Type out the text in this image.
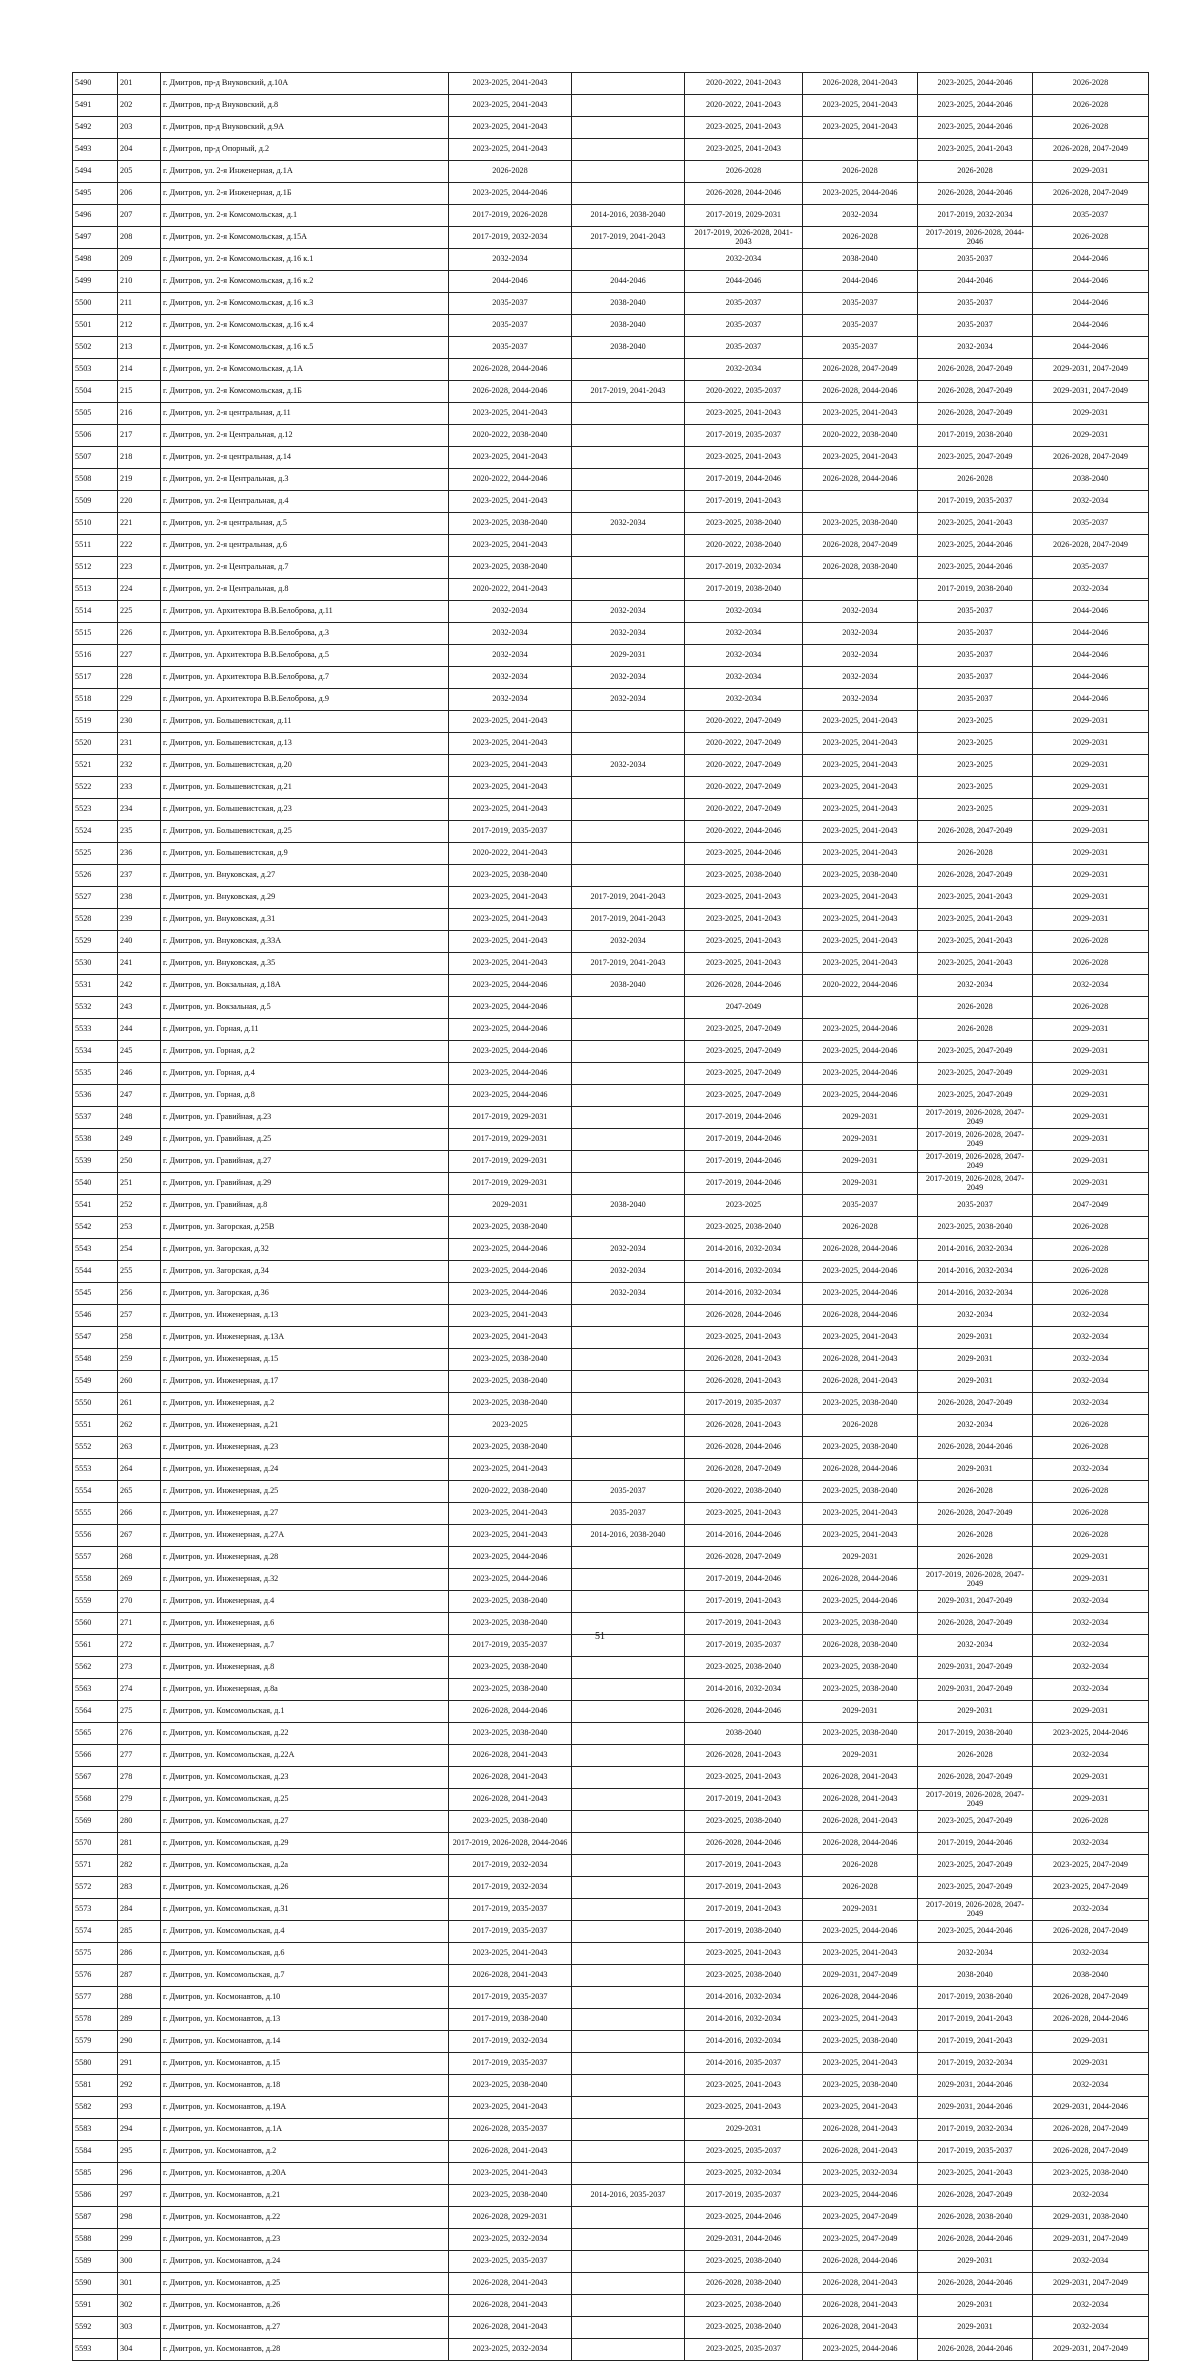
5490	201	г. Дмитров, пр-д Внуковский, д.10А	2023-2025, 2041-2043		2020-2022, 2041-2043	2026-2028, 2041-2043	2023-2025, 2044-2046	2026-2028
5491	202	г. Дмитров, пр-д Внуковский, д.8	2023-2025, 2041-2043		2020-2022, 2041-2043	2023-2025, 2041-2043	2023-2025, 2044-2046	2026-2028
5492	203	г. Дмитров, пр-д Внуковский, д.9А	2023-2025, 2041-2043		2023-2025, 2041-2043	2023-2025, 2041-2043	2023-2025, 2044-2046	2026-2028
5493	204	г. Дмитров, пр-д Опорный, д.2	2023-2025, 2041-2043		2023-2025, 2041-2043		2023-2025, 2041-2043	2026-2028, 2047-2049
5494	205	г. Дмитров, ул. 2-я Инженерная, д.1А	2026-2028		2026-2028	2026-2028	2026-2028	2029-2031
5495	206	г. Дмитров, ул. 2-я Инженерная, д.1Б	2023-2025, 2044-2046		2026-2028, 2044-2046	2023-2025, 2044-2046	2026-2028, 2044-2046	2026-2028, 2047-2049
5496	207	г. Дмитров, ул. 2-я Комсомольская, д.1	2017-2019, 2026-2028	2014-2016, 2038-2040	2017-2019, 2029-2031	2032-2034	2017-2019, 2032-2034	2035-2037
5497	208	г. Дмитров, ул. 2-я Комсомольская, д.15А	2017-2019, 2032-2034	2017-2019, 2041-2043	2017-2019, 2026-2028, 2041-2043	2026-2028	2017-2019, 2026-2028, 2044-2046	2026-2028
5498	209	г. Дмитров, ул. 2-я Комсомольская, д.16 к.1	2032-2034		2032-2034	2038-2040	2035-2037	2044-2046
5499	210	г. Дмитров, ул. 2-я Комсомольская, д.16 к.2	2044-2046	2044-2046	2044-2046	2044-2046	2044-2046	2044-2046
5500	211	г. Дмитров, ул. 2-я Комсомольская, д.16 к.3	2035-2037	2038-2040	2035-2037	2035-2037	2035-2037	2044-2046
5501	212	г. Дмитров, ул. 2-я Комсомольская, д.16 к.4	2035-2037	2038-2040	2035-2037	2035-2037	2035-2037	2044-2046
5502	213	г. Дмитров, ул. 2-я Комсомольская, д.16 к.5	2035-2037	2038-2040	2035-2037	2035-2037	2032-2034	2044-2046
5503	214	г. Дмитров, ул. 2-я Комсомольская, д.1А	2026-2028, 2044-2046		2032-2034	2026-2028, 2047-2049	2026-2028, 2047-2049	2029-2031, 2047-2049
5504	215	г. Дмитров, ул. 2-я Комсомольская, д.1Б	2026-2028, 2044-2046	2017-2019, 2041-2043	2020-2022, 2035-2037	2026-2028, 2044-2046	2026-2028, 2047-2049	2029-2031, 2047-2049
5505	216	г. Дмитров, ул. 2-я центральная, д.11	2023-2025, 2041-2043		2023-2025, 2041-2043	2023-2025, 2041-2043	2026-2028, 2047-2049	2029-2031
5506	217	г. Дмитров, ул. 2-я Центральная, д.12	2020-2022, 2038-2040		2017-2019, 2035-2037	2020-2022, 2038-2040	2017-2019, 2038-2040	2029-2031
5507	218	г. Дмитров, ул. 2-я центральная, д.14	2023-2025, 2041-2043		2023-2025, 2041-2043	2023-2025, 2041-2043	2023-2025, 2047-2049	2026-2028, 2047-2049
5508	219	г. Дмитров, ул. 2-я Центральная, д.3	2020-2022, 2044-2046		2017-2019, 2044-2046	2026-2028, 2044-2046	2026-2028	2038-2040
5509	220	г. Дмитров, ул. 2-я Центральная, д.4	2023-2025, 2041-2043		2017-2019, 2041-2043		2017-2019, 2035-2037	2032-2034
5510	221	г. Дмитров, ул. 2-я центральная, д.5	2023-2025, 2038-2040	2032-2034	2023-2025, 2038-2040	2023-2025, 2038-2040	2023-2025, 2041-2043	2035-2037
5511	222	г. Дмитров, ул. 2-я центральная, д.6	2023-2025, 2041-2043		2020-2022, 2038-2040	2026-2028, 2047-2049	2023-2025, 2044-2046	2026-2028, 2047-2049
5512	223	г. Дмитров, ул. 2-я Центральная, д.7	2023-2025, 2038-2040		2017-2019, 2032-2034	2026-2028, 2038-2040	2023-2025, 2044-2046	2035-2037
5513	224	г. Дмитров, ул. 2-я Центральная, д.8	2020-2022, 2041-2043		2017-2019, 2038-2040		2017-2019, 2038-2040	2032-2034
5514	225	г. Дмитров, ул. Архитектора В.В.Белоброва, д.11	2032-2034	2032-2034	2032-2034	2032-2034	2035-2037	2044-2046
5515	226	г. Дмитров, ул. Архитектора В.В.Белоброва, д.3	2032-2034	2032-2034	2032-2034	2032-2034	2035-2037	2044-2046
5516	227	г. Дмитров, ул. Архитектора В.В.Белоброва, д.5	2032-2034	2029-2031	2032-2034	2032-2034	2035-2037	2044-2046
5517	228	г. Дмитров, ул. Архитектора В.В.Белоброва, д.7	2032-2034	2032-2034	2032-2034	2032-2034	2035-2037	2044-2046
5518	229	г. Дмитров, ул. Архитектора В.В.Белоброва, д.9	2032-2034	2032-2034	2032-2034	2032-2034	2035-2037	2044-2046
5519	230	г. Дмитров, ул. Большевистская, д.11	2023-2025, 2041-2043		2020-2022, 2047-2049	2023-2025, 2041-2043	2023-2025	2029-2031
5520	231	г. Дмитров, ул. Большевистская, д.13	2023-2025, 2041-2043		2020-2022, 2047-2049	2023-2025, 2041-2043	2023-2025	2029-2031
5521	232	г. Дмитров, ул. Большевистская, д.20	2023-2025, 2041-2043	2032-2034	2020-2022, 2047-2049	2023-2025, 2041-2043	2023-2025	2029-2031
5522	233	г. Дмитров, ул. Большевистская, д.21	2023-2025, 2041-2043		2020-2022, 2047-2049	2023-2025, 2041-2043	2023-2025	2029-2031
5523	234	г. Дмитров, ул. Большевистская, д.23	2023-2025, 2041-2043		2020-2022, 2047-2049	2023-2025, 2041-2043	2023-2025	2029-2031
5524	235	г. Дмитров, ул. Большевистская, д.25	2017-2019, 2035-2037		2020-2022, 2044-2046	2023-2025, 2041-2043	2026-2028, 2047-2049	2029-2031
5525	236	г. Дмитров, ул. Большевистская, д.9	2020-2022, 2041-2043		2023-2025, 2044-2046	2023-2025, 2041-2043	2026-2028	2029-2031
5526	237	г. Дмитров, ул. Внуковская, д.27	2023-2025, 2038-2040		2023-2025, 2038-2040	2023-2025, 2038-2040	2026-2028, 2047-2049	2029-2031
5527	238	г. Дмитров, ул. Внуковская, д.29	2023-2025, 2041-2043	2017-2019, 2041-2043	2023-2025, 2041-2043	2023-2025, 2041-2043	2023-2025, 2041-2043	2029-2031
5528	239	г. Дмитров, ул. Внуковская, д.31	2023-2025, 2041-2043	2017-2019, 2041-2043	2023-2025, 2041-2043	2023-2025, 2041-2043	2023-2025, 2041-2043	2029-2031
5529	240	г. Дмитров, ул. Внуковская, д.33А	2023-2025, 2041-2043	2032-2034	2023-2025, 2041-2043	2023-2025, 2041-2043	2023-2025, 2041-2043	2026-2028
5530	241	г. Дмитров, ул. Внуковская, д.35	2023-2025, 2041-2043	2017-2019, 2041-2043	2023-2025, 2041-2043	2023-2025, 2041-2043	2023-2025, 2041-2043	2026-2028
5531	242	г. Дмитров, ул. Вокзальная, д.18А	2023-2025, 2044-2046	2038-2040	2026-2028, 2044-2046	2020-2022, 2044-2046	2032-2034	2032-2034
5532	243	г. Дмитров, ул. Вокзальная, д.5	2023-2025, 2044-2046		2047-2049		2026-2028	2026-2028
5533	244	г. Дмитров, ул. Горная, д.11	2023-2025, 2044-2046		2023-2025, 2047-2049	2023-2025, 2044-2046	2026-2028	2029-2031
5534	245	г. Дмитров, ул. Горная, д.2	2023-2025, 2044-2046		2023-2025, 2047-2049	2023-2025, 2044-2046	2023-2025, 2047-2049	2029-2031
5535	246	г. Дмитров, ул. Горная, д.4	2023-2025, 2044-2046		2023-2025, 2047-2049	2023-2025, 2044-2046	2023-2025, 2047-2049	2029-2031
5536	247	г. Дмитров, ул. Горная, д.8	2023-2025, 2044-2046		2023-2025, 2047-2049	2023-2025, 2044-2046	2023-2025, 2047-2049	2029-2031
5537	248	г. Дмитров, ул. Гравийная, д.23	2017-2019, 2029-2031		2017-2019, 2044-2046	2029-2031	2017-2019, 2026-2028, 2047-2049	2029-2031
5538	249	г. Дмитров, ул. Гравийная, д.25	2017-2019, 2029-2031		2017-2019, 2044-2046	2029-2031	2017-2019, 2026-2028, 2047-2049	2029-2031
5539	250	г. Дмитров, ул. Гравийная, д.27	2017-2019, 2029-2031		2017-2019, 2044-2046	2029-2031	2017-2019, 2026-2028, 2047-2049	2029-2031
5540	251	г. Дмитров, ул. Гравийная, д.29	2017-2019, 2029-2031		2017-2019, 2044-2046	2029-2031	2017-2019, 2026-2028, 2047-2049	2029-2031
5541	252	г. Дмитров, ул. Гравийная, д.8	2029-2031	2038-2040	2023-2025	2035-2037	2035-2037	2047-2049
5542	253	г. Дмитров, ул. Загорская, д.25В	2023-2025, 2038-2040		2023-2025, 2038-2040	2026-2028	2023-2025, 2038-2040	2026-2028
5543	254	г. Дмитров, ул. Загорская, д.32	2023-2025, 2044-2046	2032-2034	2014-2016, 2032-2034	2026-2028, 2044-2046	2014-2016, 2032-2034	2026-2028
5544	255	г. Дмитров, ул. Загорская, д.34	2023-2025, 2044-2046	2032-2034	2014-2016, 2032-2034	2023-2025, 2044-2046	2014-2016, 2032-2034	2026-2028
5545	256	г. Дмитров, ул. Загорская, д.36	2023-2025, 2044-2046	2032-2034	2014-2016, 2032-2034	2023-2025, 2044-2046	2014-2016, 2032-2034	2026-2028
5546	257	г. Дмитров, ул. Инженерная, д.13	2023-2025, 2041-2043		2026-2028, 2044-2046	2026-2028, 2044-2046	2032-2034	2032-2034
5547	258	г. Дмитров, ул. Инженерная, д.13А	2023-2025, 2041-2043		2023-2025, 2041-2043	2023-2025, 2041-2043	2029-2031	2032-2034
5548	259	г. Дмитров, ул. Инженерная, д.15	2023-2025, 2038-2040		2026-2028, 2041-2043	2026-2028, 2041-2043	2029-2031	2032-2034
5549	260	г. Дмитров, ул. Инженерная, д.17	2023-2025, 2038-2040		2026-2028, 2041-2043	2026-2028, 2041-2043	2029-2031	2032-2034
5550	261	г. Дмитров, ул. Инженерная, д.2	2023-2025, 2038-2040		2017-2019, 2035-2037	2023-2025, 2038-2040	2026-2028, 2047-2049	2032-2034
5551	262	г. Дмитров, ул. Инженерная, д.21	2023-2025		2026-2028, 2041-2043	2026-2028	2032-2034	2026-2028
5552	263	г. Дмитров, ул. Инженерная, д.23	2023-2025, 2038-2040		2026-2028, 2044-2046	2023-2025, 2038-2040	2026-2028, 2044-2046	2026-2028
5553	264	г. Дмитров, ул. Инженерная, д.24	2023-2025, 2041-2043		2026-2028, 2047-2049	2026-2028, 2044-2046	2029-2031	2032-2034
5554	265	г. Дмитров, ул. Инженерная, д.25	2020-2022, 2038-2040	2035-2037	2020-2022, 2038-2040	2023-2025, 2038-2040	2026-2028	2026-2028
5555	266	г. Дмитров, ул. Инженерная, д.27	2023-2025, 2041-2043	2035-2037	2023-2025, 2041-2043	2023-2025, 2041-2043	2026-2028, 2047-2049	2026-2028
5556	267	г. Дмитров, ул. Инженерная, д.27А	2023-2025, 2041-2043	2014-2016, 2038-2040	2014-2016, 2044-2046	2023-2025, 2041-2043	2026-2028	2026-2028
5557	268	г. Дмитров, ул. Инженерная, д.28	2023-2025, 2044-2046		2026-2028, 2047-2049	2029-2031	2026-2028	2029-2031
5558	269	г. Дмитров, ул. Инженерная, д.32	2023-2025, 2044-2046		2017-2019, 2044-2046	2026-2028, 2044-2046	2017-2019, 2026-2028, 2047-2049	2029-2031
5559	270	г. Дмитров, ул. Инженерная, д.4	2023-2025, 2038-2040		2017-2019, 2041-2043	2023-2025, 2044-2046	2029-2031, 2047-2049	2032-2034
5560	271	г. Дмитров, ул. Инженерная, д.6	2023-2025, 2038-2040		2017-2019, 2041-2043	2023-2025, 2038-2040	2026-2028, 2047-2049	2032-2034
5561	272	г. Дмитров, ул. Инженерная, д.7	2017-2019, 2035-2037		2017-2019, 2035-2037	2026-2028, 2038-2040	2032-2034	2032-2034
5562	273	г. Дмитров, ул. Инженерная, д.8	2023-2025, 2038-2040		2023-2025, 2038-2040	2023-2025, 2038-2040	2029-2031, 2047-2049	2032-2034
5563	274	г. Дмитров, ул. Инженерная, д.8а	2023-2025, 2038-2040		2014-2016, 2032-2034	2023-2025, 2038-2040	2029-2031, 2047-2049	2032-2034
5564	275	г. Дмитров, ул. Комсомольская, д.1	2026-2028, 2044-2046		2026-2028, 2044-2046	2029-2031	2029-2031	2029-2031
5565	276	г. Дмитров, ул. Комсомольская, д.22	2023-2025, 2038-2040		2038-2040	2023-2025, 2038-2040	2017-2019, 2038-2040	2023-2025, 2044-2046
5566	277	г. Дмитров, ул. Комсомольская, д.22А	2026-2028, 2041-2043		2026-2028, 2041-2043	2029-2031	2026-2028	2032-2034
5567	278	г. Дмитров, ул. Комсомольская, д.23	2026-2028, 2041-2043		2023-2025, 2041-2043	2026-2028, 2041-2043	2026-2028, 2047-2049	2029-2031
5568	279	г. Дмитров, ул. Комсомольская, д.25	2026-2028, 2041-2043		2017-2019, 2041-2043	2026-2028, 2041-2043	2017-2019, 2026-2028, 2047-2049	2029-2031
5569	280	г. Дмитров, ул. Комсомольская, д.27	2023-2025, 2038-2040		2023-2025, 2038-2040	2026-2028, 2041-2043	2023-2025, 2047-2049	2026-2028
5570	281	г. Дмитров, ул. Комсомольская, д.29	2017-2019, 2026-2028, 2044-2046		2026-2028, 2044-2046	2026-2028, 2044-2046	2017-2019, 2044-2046	2032-2034
5571	282	г. Дмитров, ул. Комсомольская, д.2а	2017-2019, 2032-2034		2017-2019, 2041-2043	2026-2028	2023-2025, 2047-2049	2023-2025, 2047-2049
5572	283	г. Дмитров, ул. Комсомольская, д.26	2017-2019, 2032-2034		2017-2019, 2041-2043	2026-2028	2023-2025, 2047-2049	2023-2025, 2047-2049
5573	284	г. Дмитров, ул. Комсомольская, д.31	2017-2019, 2035-2037		2017-2019, 2041-2043	2029-2031	2017-2019, 2026-2028, 2047-2049	2032-2034
5574	285	г. Дмитров, ул. Комсомольская, д.4	2017-2019, 2035-2037		2017-2019, 2038-2040	2023-2025, 2044-2046	2023-2025, 2044-2046	2026-2028, 2047-2049
5575	286	г. Дмитров, ул. Комсомольская, д.6	2023-2025, 2041-2043		2023-2025, 2041-2043	2023-2025, 2041-2043	2032-2034	2032-2034
5576	287	г. Дмитров, ул. Комсомольская, д.7	2026-2028, 2041-2043		2023-2025, 2038-2040	2029-2031, 2047-2049	2038-2040	2038-2040
5577	288	г. Дмитров, ул. Космонавтов, д.10	2017-2019, 2035-2037		2014-2016, 2032-2034	2026-2028, 2044-2046	2017-2019, 2038-2040	2026-2028, 2047-2049
5578	289	г. Дмитров, ул. Космонавтов, д.13	2017-2019, 2038-2040		2014-2016, 2032-2034	2023-2025, 2041-2043	2017-2019, 2041-2043	2026-2028, 2044-2046
5579	290	г. Дмитров, ул. Космонавтов, д.14	2017-2019, 2032-2034		2014-2016, 2032-2034	2023-2025, 2038-2040	2017-2019, 2041-2043	2029-2031
5580	291	г. Дмитров, ул. Космонавтов, д.15	2017-2019, 2035-2037		2014-2016, 2035-2037	2023-2025, 2041-2043	2017-2019, 2032-2034	2029-2031
5581	292	г. Дмитров, ул. Космонавтов, д.18	2023-2025, 2038-2040		2023-2025, 2041-2043	2023-2025, 2038-2040	2029-2031, 2044-2046	2032-2034
5582	293	г. Дмитров, ул. Космонавтов, д.19А	2023-2025, 2041-2043		2023-2025, 2041-2043	2023-2025, 2041-2043	2029-2031, 2044-2046	2029-2031, 2044-2046
5583	294	г. Дмитров, ул. Космонавтов, д.1А	2026-2028, 2035-2037		2029-2031	2026-2028, 2041-2043	2017-2019, 2032-2034	2026-2028, 2047-2049
5584	295	г. Дмитров, ул. Космонавтов, д.2	2026-2028, 2041-2043		2023-2025, 2035-2037	2026-2028, 2041-2043	2017-2019, 2035-2037	2026-2028, 2047-2049
5585	296	г. Дмитров, ул. Космонавтов, д.20А	2023-2025, 2041-2043		2023-2025, 2032-2034	2023-2025, 2032-2034	2023-2025, 2041-2043	2023-2025, 2038-2040
5586	297	г. Дмитров, ул. Космонавтов, д.21	2023-2025, 2038-2040	2014-2016, 2035-2037	2017-2019, 2035-2037	2023-2025, 2044-2046	2026-2028, 2047-2049	2032-2034
5587	298	г. Дмитров, ул. Космонавтов, д.22	2026-2028, 2029-2031		2023-2025, 2044-2046	2023-2025, 2047-2049	2026-2028, 2038-2040	2029-2031, 2038-2040
5588	299	г. Дмитров, ул. Космонавтов, д.23	2023-2025, 2032-2034		2029-2031, 2044-2046	2023-2025, 2047-2049	2026-2028, 2044-2046	2029-2031, 2047-2049
5589	300	г. Дмитров, ул. Космонавтов, д.24	2023-2025, 2035-2037		2023-2025, 2038-2040	2026-2028, 2044-2046	2029-2031	2032-2034
5590	301	г. Дмитров, ул. Космонавтов, д.25	2026-2028, 2041-2043		2026-2028, 2038-2040	2026-2028, 2041-2043	2026-2028, 2044-2046	2029-2031, 2047-2049
5591	302	г. Дмитров, ул. Космонавтов, д.26	2026-2028, 2041-2043		2023-2025, 2038-2040	2026-2028, 2041-2043	2029-2031	2032-2034
5592	303	г. Дмитров, ул. Космонавтов, д.27	2026-2028, 2041-2043		2023-2025, 2038-2040	2026-2028, 2041-2043	2029-2031	2032-2034
5593	304	г. Дмитров, ул. Космонавтов, д.28	2023-2025, 2032-2034		2023-2025, 2035-2037	2023-2025, 2044-2046	2026-2028, 2044-2046	2029-2031, 2047-2049
51
